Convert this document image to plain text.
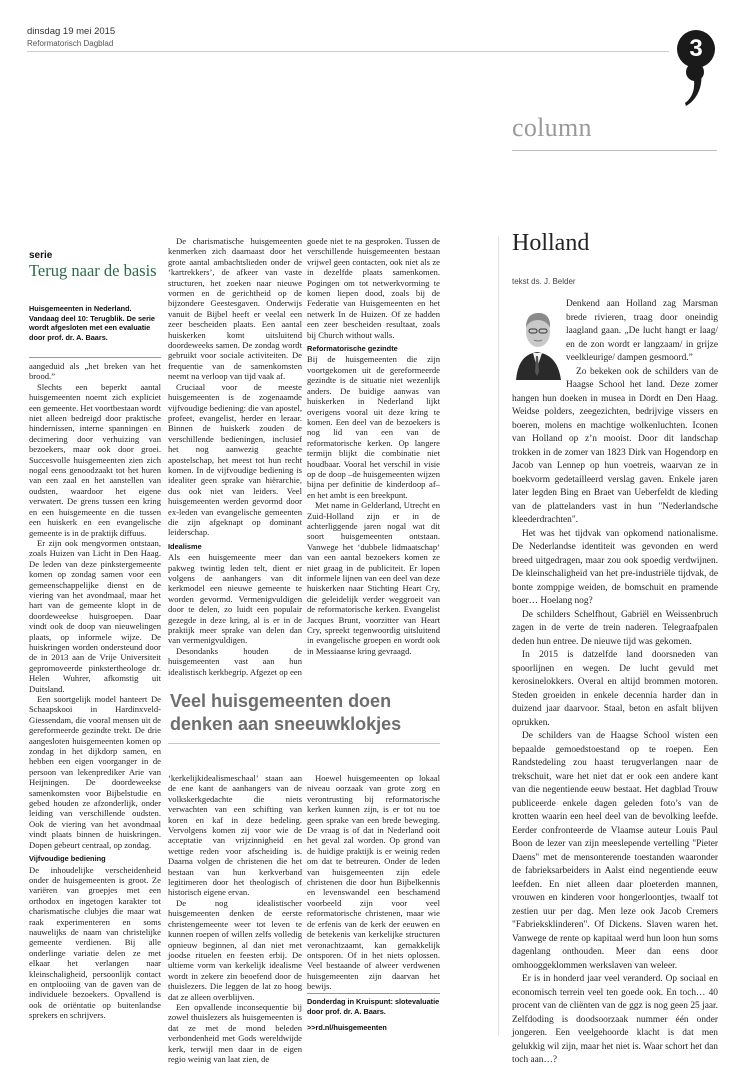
dinsdag 19 mei 2015
Reformatorisch Dagblad	3
column
serie
Terug naar de basis
Huisgemeenten in Nederland. Vandaag deel 10: Terugblik. De serie wordt afgesloten met een evaluatie door prof. dr. A. Baars.

aangeduid als „het breken van het brood.”

Slechts een beperkt aantal huisgemeenten noemt zich expliciet een gemeente. Het voortbestaan wordt niet alleen bedreigd door praktische hindernissen, interne spanningen en decimering door verhuizing van bezoekers, maar ook door groei. Succesvolle huisgemeenten zien zich nogal eens genoodzaakt tot het huren van een zaal en het aanstellen van oudsten, waardoor het eigene verwatert. De grens tussen een kring en een huisgemeente en die tussen een huiskerk en een evangelische gemeente is in de praktijk diffuus.

Er zijn ook mengvormen ontstaan, zoals Huizen van Licht in Den Haag. De leden van deze pinkstergemeente komen op zondag samen voor een gemeenschappelijke dienst en de viering van het avondmaal, maar het hart van de gemeente klopt in de doordeweekse huisgroepen. Daar vindt ook de doop van nieuwelingen plaats, op informele wijze. De huiskringen worden ondersteund door de in 2013 aan de Vrije Universiteit gepromoveerde pinkstertheologe dr. Helen Wuhrer, afkomstig uit Duitsland.

Een soortgelijk model hanteert De Schaapskooi in Hardinxveld-Giessendam, die vooral mensen uit de gereformeerde gezindte trekt. De drie aangesloten huisgemeenten komen op zondag in het dijkdorp samen, en hebben een eigen voorganger in de persoon van lekenprediker Arie van Heijningen. De doordeweekse samenkomsten voor Bijbelstudie en gebed houden ze afzonderlijk, onder leiding van verschillende oudsten. Ook de viering van het avondmaal vindt plaats binnen de huiskringen. Dopen gebeurt centraal, op zondag.

Vijfvoudige bediening

De inhoudelijke verscheidenheid onder de huisgemeenten is groot. Ze variëren van groepjes met een orthodox en ingetogen karakter tot charismatische clubjes die maar wat raak experimenteren en soms nauwelijks de naam van christelijke gemeente verdienen. Bij alle onderlinge variatie delen ze met elkaar het verlangen naar kleinschaligheid, persoonlijk contact en ontplooiing van de gaven van de individuele bezoekers. Opvallend is ook de oriëntatie op buitenlandse sprekers en schrijvers.

De charismatische huisgemeenten kenmerken zich daarnaast door het grote aantal ambachtslieden onder de ‘kartrekkers’, de afkeer van vaste structuren, het zoeken naar nieuwe vormen en de gerichtheid op de bijzondere Geestesgaven. Onderwijs vanuit de Bijbel heeft er veelal een zeer bescheiden plaats. Een aantal huiskerken komt uitsluitend doordeweeks samen. De zondag wordt gebruikt voor sociale activiteiten. De frequentie van de samenkomsten neemt na verloop van tijd vaak af.

Cruciaal voor de meeste huisgemeenten is de zogenaamde vijfvoudige bediening: die van apostel, profeet, evangelist, herder en leraar. Binnen de huiskerk zouden de verschillende bedieningen, inclusief het nog aanwezig geachte apostelschap, het meest tot hun recht komen. In de vijfvoudige bediening is idealiter geen sprake van hiërarchie, dus ook niet van leiders. Veel huisgemeenten werden gevormd door ex-leden van evangelische gemeenten die zijn afgeknapt op dominant leiderschap.

Idealisme

Als een huisgemeente meer dan pakweg twintig leden telt, dient er volgens de aanhangers van dit kerkmodel een nieuwe gemeente te worden gevormd. Vermenigvuldigen door te delen, zo luidt een populair gezegde in deze kring, al is er in de praktijk meer sprake van delen dan van vermenigvuldigen.

Desondanks houden de huisgemeenten vast aan hun idealistisch kerkbegrip. Afgezet op een

goede niet te na gesproken. Tussen de verschillende huisgemeenten bestaan vrijwel geen contacten, ook niet als ze in dezelfde plaats samenkomen. Pogingen om tot netwerkvorming te komen liepen dood, zoals bij de Federatie van Huisgemeenten en het netwerk In de Huizen. Of ze hadden een zeer bescheiden resultaat, zoals bij Church without walls.

Reformatorische gezindte

Bij de huisgemeenten die zijn voortgekomen uit de gereformeerde gezindte is de situatie niet wezenlijk anders. De buidige aanwas van huiskerken in Nederland lijkt overigens vooral uit deze kring te komen. Een deel van de bezoekers is nog lid van een van de reformatorische kerken. Op langere termijn blijkt die combinatie niet houdbaar. Vooral het verschil in visie op de doop –de huisgemeenten wijzen bijna per definitie de kinderdoop af– en het ambt is een breekpunt.

Met name in Gelderland, Utrecht en Zuid-Holland zijn er in de achterliggende jaren nogal wat dit soort huisgemeenten ontstaan. Vanwege het ‘dubbele lidmaatschap’ van een aantal bezoekers komen ze niet graag in de publiciteit. Er lopen informele lijnen van een deel van deze huiskerken naar Stichting Heart Cry, die geleidelijk verder weggroeit van de reformatorische kerken. Evangelist Jacques Brunt, voorzitter van Heart Cry, spreekt tegenwoordig uitsluitend in evangelische groepen en wordt ook in Messiaanse kring gevraagd.

Veel huisgemeenten doen denken aan sneeuwklokjes

‘kerkelijkidealismeschaal’ staan aan de ene kant de aanhangers van de volkskerkgedachte die niets verwachten van een schifting van koren en kaf in deze bedeling. Vervolgens komen zij voor wie de acceptatie van vrijzinnigheid en wettige reden voor afscheiding is. Daarna volgen de christenen die het bestaan van hun kerkverband legitimeren door het theologisch of historisch eigene ervan.

De nog idealistischer huisgemeenten denken de eerste christengemeente weer tot leven te kunnen roepen of willen zelfs volledig opnieuw beginnen, al dan niet met joodse rituelen en feesten erbij. De ultieme vorm van kerkelijk idealisme wordt in zekere zin beoefend door de thuislezers. Die leggen de lat zo hoog dat ze alleen overblijven.

Een opvallende inconsequentie bij zowel thuislezers als huisgemeenten is dat ze met de mond beleden verbondenheid met Gods wereldwijde kerk, terwijl men daar in de eigen regio weinig van laat zien, de

Hoewel huisgemeenten op lokaal niveau oorzaak van grote zorg en verontrusting bij reformatorische kerken kunnen zijn, is er tot nu toe geen sprake van een brede beweging. De vraag is of dat in Nederland ooit het geval zal worden. Op grond van de huidige praktijk is er weinig reden om dat te betreuren. Onder de leden van huisgemeenten zijn edele christenen die door hun Bijbelkennis en levenswandel een beschamend voorbeeld zijn voor veel reformatorische christenen, maar wie de erfenis van de kerk der eeuwen en de betekenis van kerkelijke structuren veronachtzaamt, kan gemakkelijk ontsporen. Of in het niets oplossen. Veel bestaande of alweer verdwenen huisgemeenten zijn daarvan het bewijs.

Donderdag in Kruispunt: slotevaluatie door prof. dr. A. Baars.
>>rd.nl/huisgemeenten
Holland
tekst ds. J. Belder

Denkend aan Holland zag Marsman brede rivieren, traag door oneindig laagland gaan. „De lucht hangt er laag/ en de zon wordt er langzaam/ in grijze veelkleurige/ dampen gesmoord.”

Zo bekeken ook de schilders van de Haagse School het land. Deze zomer hangen hun doeken in musea in Dordt en Den Haag. Weidse polders, zeegezichten, bedrijvige vissers en boeren, molens en machtige wolkenluchten. Iconen van Holland op z’n mooist. Door dit landschap trokken in de zomer van 1823 Dirk van Hogendorp en Jacob van Lennep op hun voetreis, waarvan ze in boekvorm gedetailleerd verslag gaven. Enkele jaren later legden Bing en Braet van Ueberfeldt de kleding van de plattelanders vast in hun "Nederlandsche kleederdrachten".

Het was het tijdvak van opkomend nationalisme. De Nederlandse identiteit was gevonden en werd breed uitgedragen, maar zou ook spoedig verdwijnen. De kleinschaligheid van het pre-industriële tijdvak, de bonte zomppige weiden, de bomschuit en pramende boer… Hoelang nog?

De schilders Schelfhout, Gabriël en Weissenbruch zagen in de verte de trein naderen. Telegraafpalen deden hun entree. De nieuwe tijd was gekomen.

In 2015 is datzelfde land doorsneden van spoorlijnen en wegen. De lucht gevuld met kerosinelokkers. Overal en altijd brommen motoren. Steden groeiden in enkele decennia harder dan in duizend jaar daarvoor. Staal, beton en asfalt blijven oprukken.

De schilders van de Haagse School wisten een bepaalde gemoedstoestand op te roepen. Een Randstedeling zou haast terugverlangen naar de trekschuit, ware het niet dat er ook een andere kant van die negentiende eeuw bestaat. Het dagblad Trouw publiceerde enkele dagen geleden foto’s van de krotten waarin een heel deel van de bevolking leefde. Eerder confronteerde de Vlaamse auteur Louis Paul Boon de lezer van zijn meeslepende vertelling "Pieter Daens" met de mensonterende toestanden waaronder de fabrieksarbeiders in Aalst eind negentiende eeuw leefden. En niet alleen daar ploeterden mannen, vrouwen en kinderen voor hongerloontjes, twaalf tot zestien uur per dag. Men leze ook Jacob Cremers "Fabrieksklinderen". Of Dickens. Slaven waren het. Vanwege de rente op kapitaal werd hun loon hun soms dagenlang onthouden. Meer dan eens door omhooggeklommen werkslaven van weleer.

Er is in honderd jaar veel veranderd. Op sociaal en economisch terrein veel ten goede ook. En toch… 40 procent van de cliënten van de ggz is nog geen 25 jaar. Zelfdoding is doodsoorzaak nummer één onder jongeren. Een veelgehoorde klacht is dat men gelukkig wil zijn, maar het niet is. Waar schort het dan toch aan…?
